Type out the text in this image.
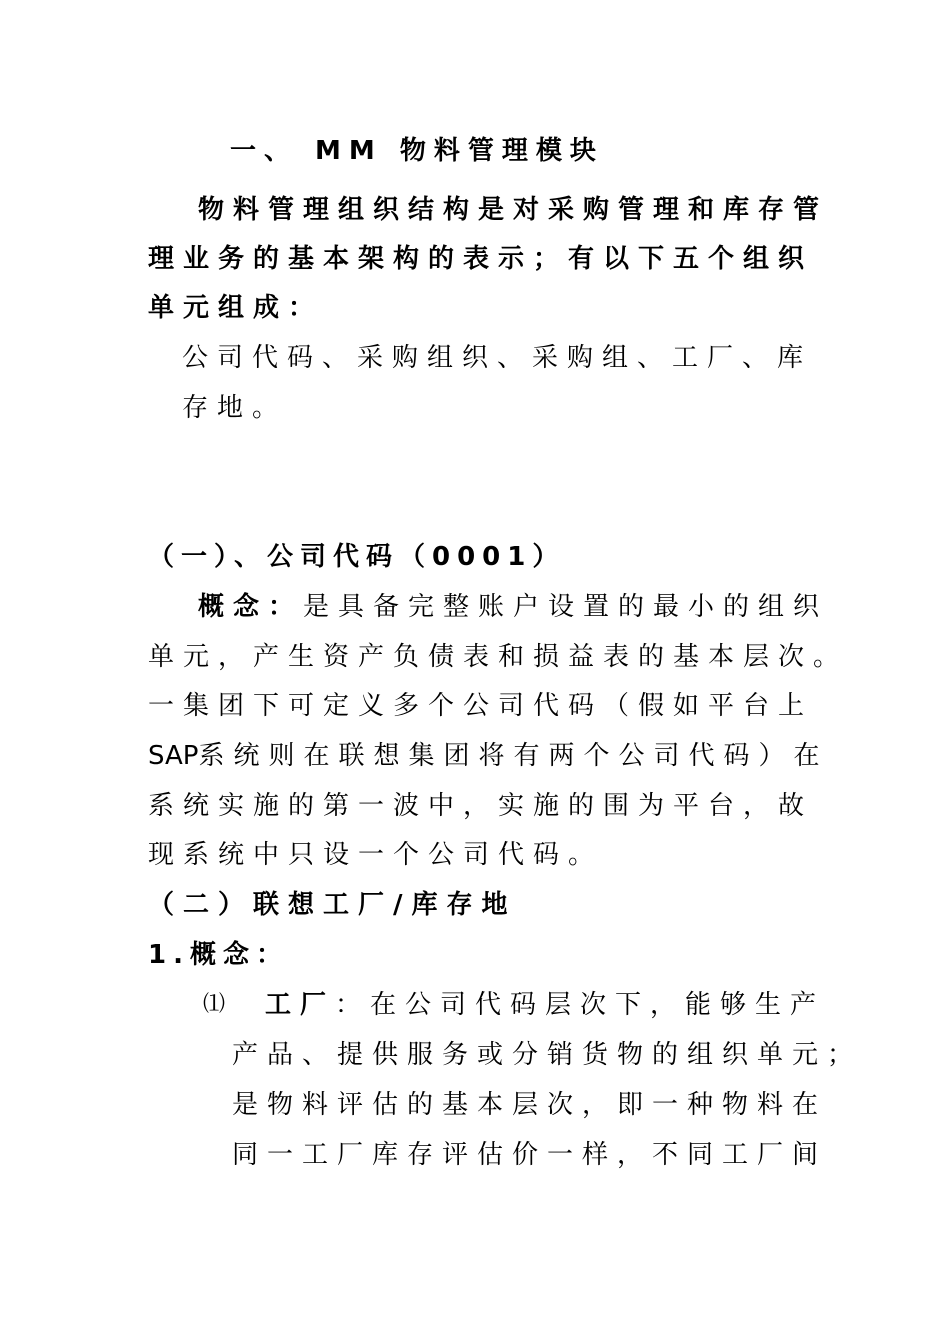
一、 MM 物料管理模块

物料管理组织结构是对采购管理和库存管

理业务的基本架构的表示；有以下五个组织

单元组成：

公司代码、采购组织、采购组、工厂、库

存地。

（一）、公司代码（0001）

概念：是具备完整账户设置的最小的组织

单元，产生资产负债表和损益表的基本层次。

一集团下可定义多个公司代码（假如平台上

SAP系统则在联想集团将有两个公司代码）在

系统实施的第一波中，实施的围为平台，故

现系统中只设一个公司代码。

（二）联想工厂/库存地

1.概念：

⑴ 工厂：在公司代码层次下，能够生产

产品、提供服务或分销货物的组织单元；

是物料评估的基本层次，即一种物料在

同一工厂库存评估价一样，不同工厂间
